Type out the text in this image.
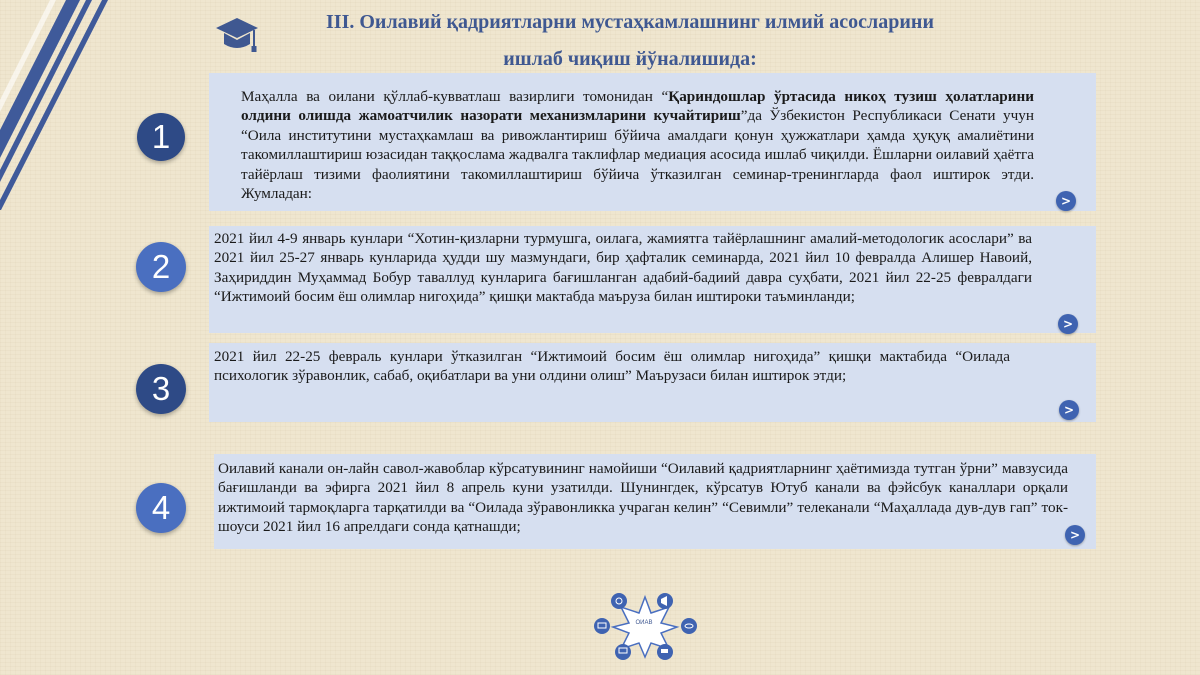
III. Оилавий қадриятларни мустаҳкамлашнинг илмий асосларини
ишлаб чиқиш йўналишида:
1

Маҳалла ва оилани қўллаб-кувватлаш вазирлиги томонидан “Қариндошлар ўртасида никоҳ тузиш ҳолатларини олдини олишда жамоатчилик назорати механизмларини кучайтириш”да Ўзбекистон Республикаси Сенати учун “Оила институтини мустаҳкамлаш ва ривожлантириш бўйича амалдаги қонун ҳужжатлари ҳамда ҳуқуқ амалиётини такомиллаштириш юзасидан таққослама жадвалга таклифлар медиация асосида ишлаб чиқилди. Ёшларни оилавий ҳаётга тайёрлаш тизими фаолиятини такомиллаштириш бўйича ўтказилган семинар-тренингларда фаол иштирок этди. Жумладан:	>
2

2021 йил 4-9 январь кунлари “Хотин-қизларни турмушга, оилага, жамиятга тайёрлашнинг амалий-методологик асослари” ва 2021 йил 25-27 январь кунларида ҳудди шу мазмундаги, бир ҳафталик семинарда, 2021 йил 10 февралда Алишер Навоий, Заҳириддин Муҳаммад Бобур таваллуд кунларига бағишланган адабий-бадиий давра суҳбати, 2021 йил 22-25 февралдаги “Ижтимоий босим ёш олимлар нигоҳида” қишқи мактабда маъруза билан иштироки таъминланди;

>
3

2021 йил 22-25 февраль кунлари ўтказилган “Ижтимоий босим ёш олимлар нигоҳида” қишқи мактабида “Оилада психологик зўравонлик, сабаб, оқибатлари ва уни олдини олиш” Маърузаси билан иштирок этди;

>
4

Оилавий канали он-лайн савол-жавоблар кўрсатувининг намойиши “Оилавий қадриятларнинг ҳаётимизда тутган ўрни” мавзусида бағишланди ва эфирга 2021 йил 8 апрель куни узатилди. Шунингдек, кўрсатув Ютуб канали ва фэйсбук каналлари орқали ижтимоий тармоқларга тарқатилди ва “Оилада зўравонликка учраган келин” “Севимли” телеканали “Маҳаллада дув-дув гап” ток-шоуси 2021 йил 16 апрелдаги сонда қатнашди;	>
ОИАВ
